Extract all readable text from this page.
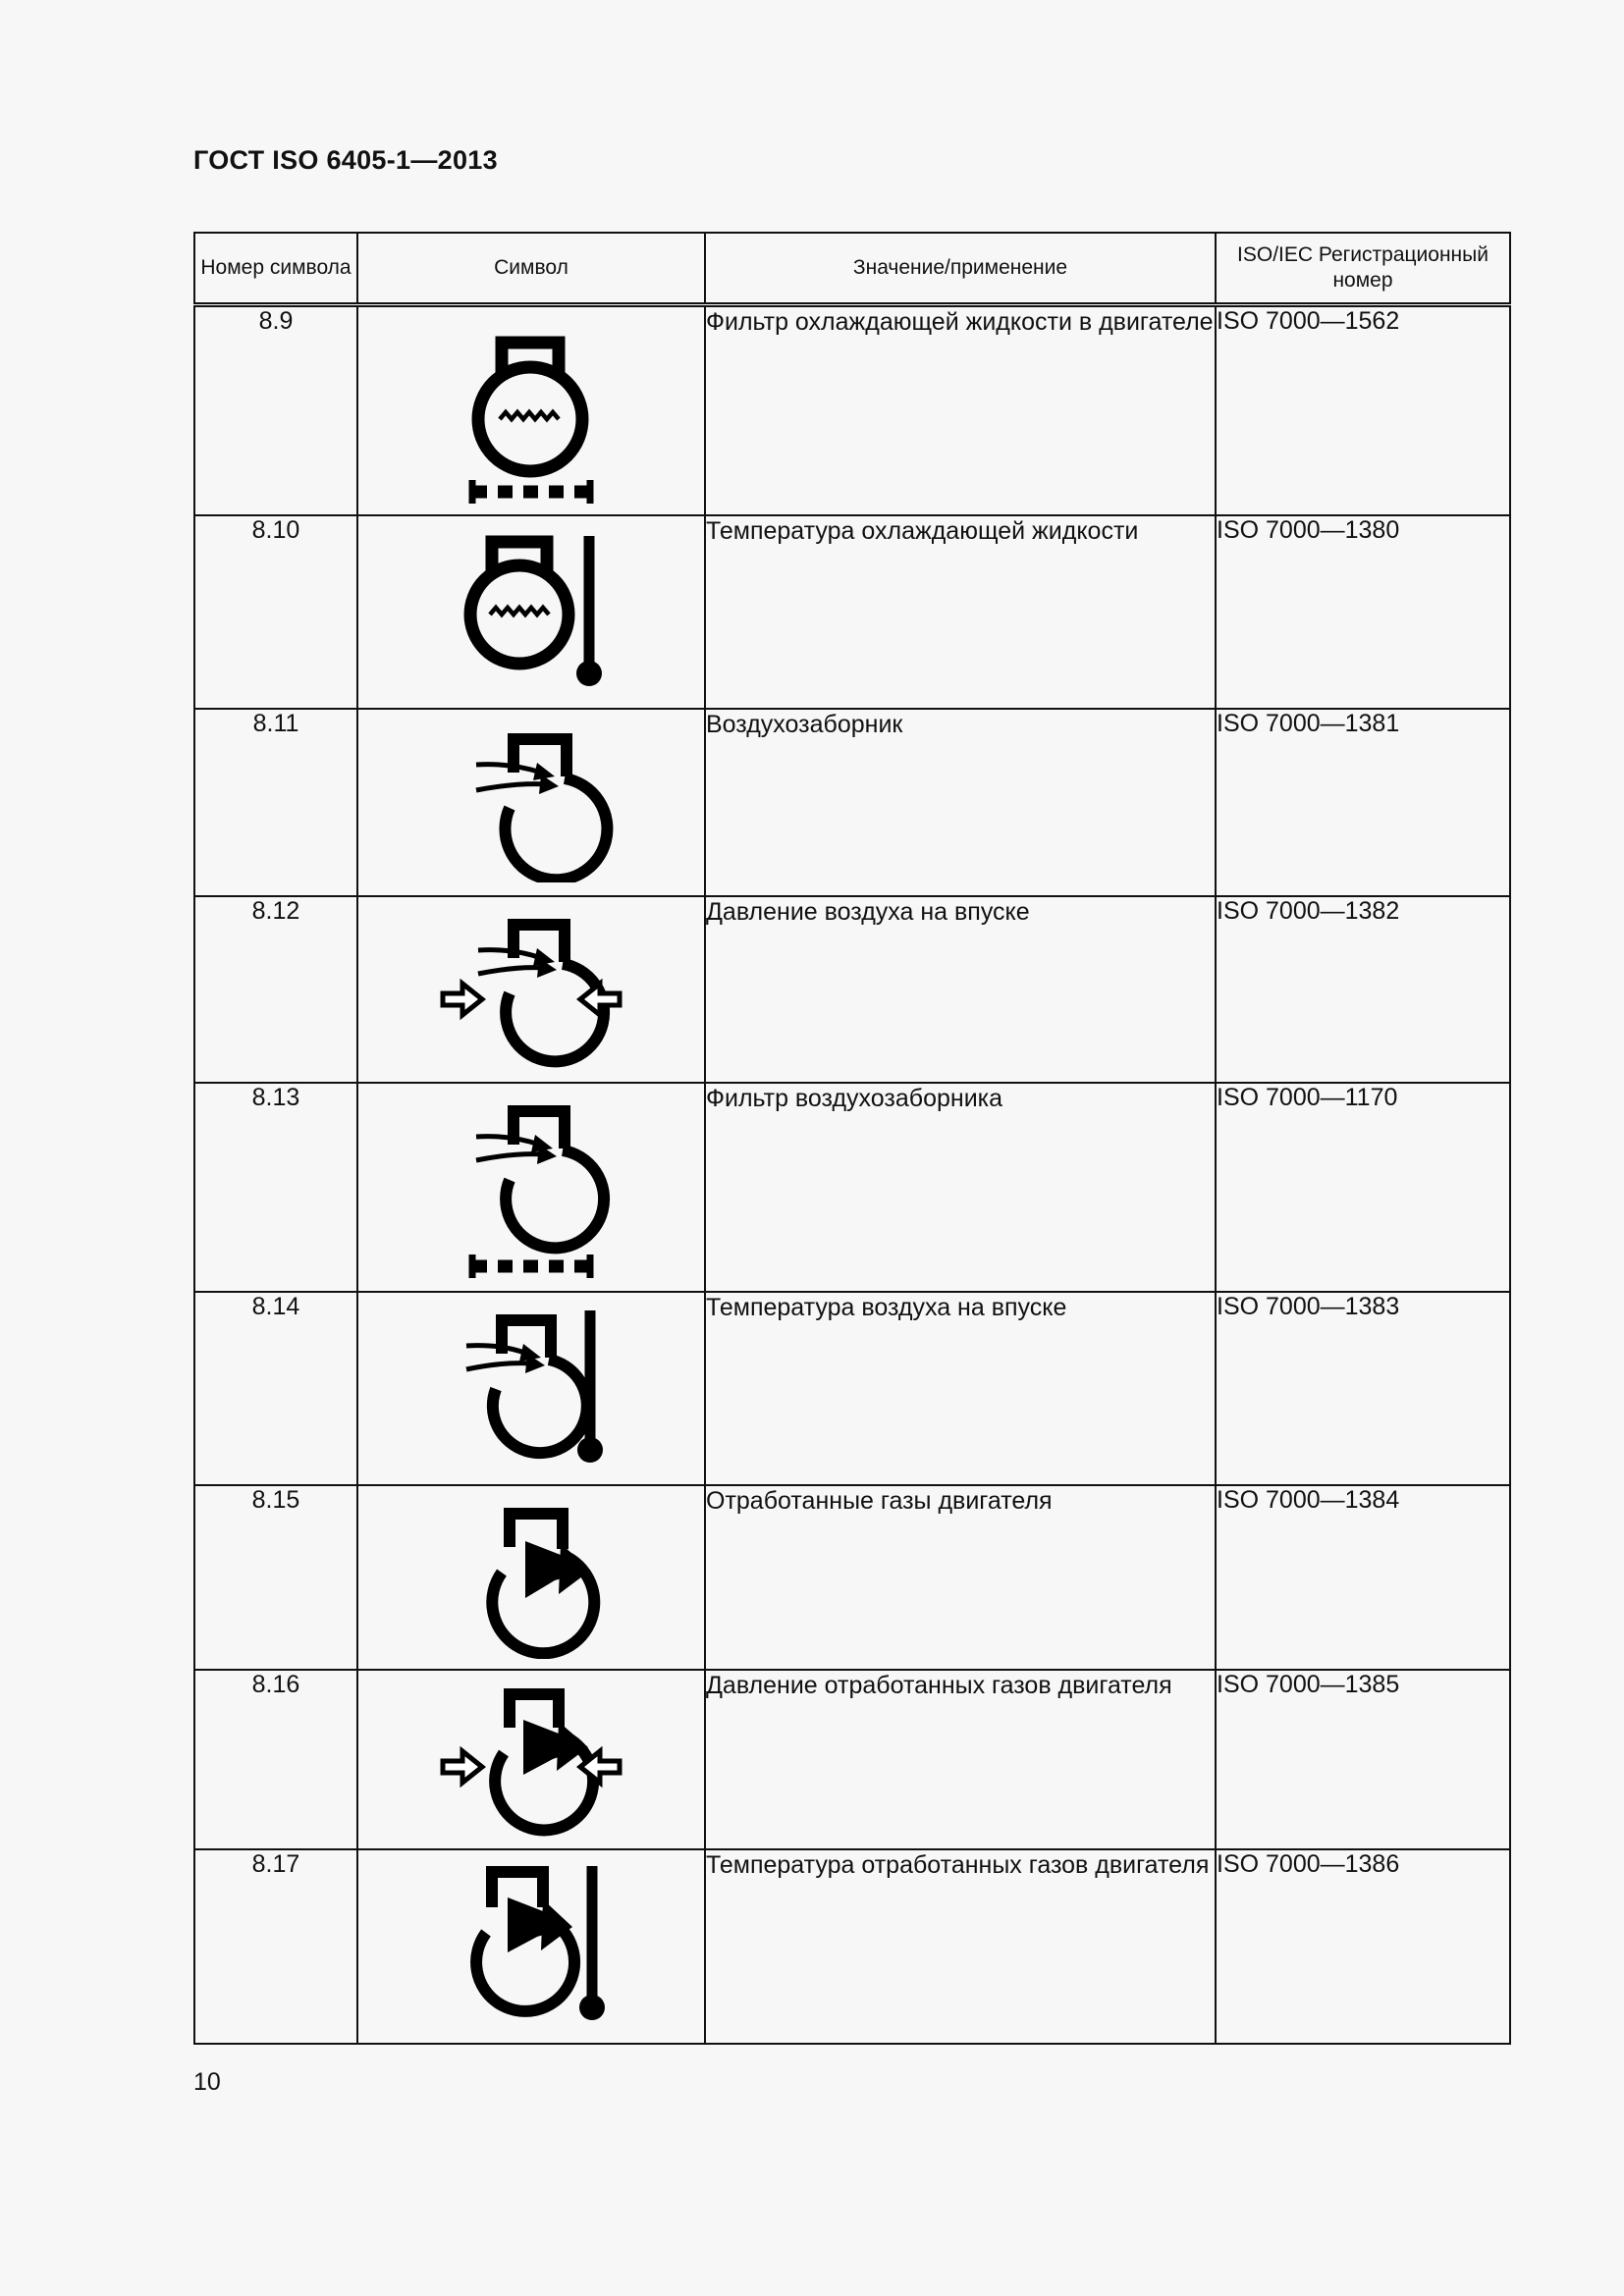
ГОСТ ISO 6405-1—2013
Номер символа	Символ	Значение/применение	ISO/IEC Регистрационный номер
8.9		Фильтр охлаждающей жидкости в двигателе	ISO 7000—1562
8.10		Температура охлаждающей жидкости	ISO 7000—1380
8.11		Воздухозаборник	ISO 7000—1381
8.12		Давление воздуха на впуске	ISO 7000—1382
8.13		Фильтр воздухозаборника	ISO 7000—1170
8.14		Температура воздуха на впуске	ISO 7000—1383
8.15		Отработанные газы двигателя	ISO 7000—1384
8.16		Давление отработанных газов двигателя	ISO 7000—1385
8.17		Температура отработанных газов двигателя	ISO 7000—1386
10
